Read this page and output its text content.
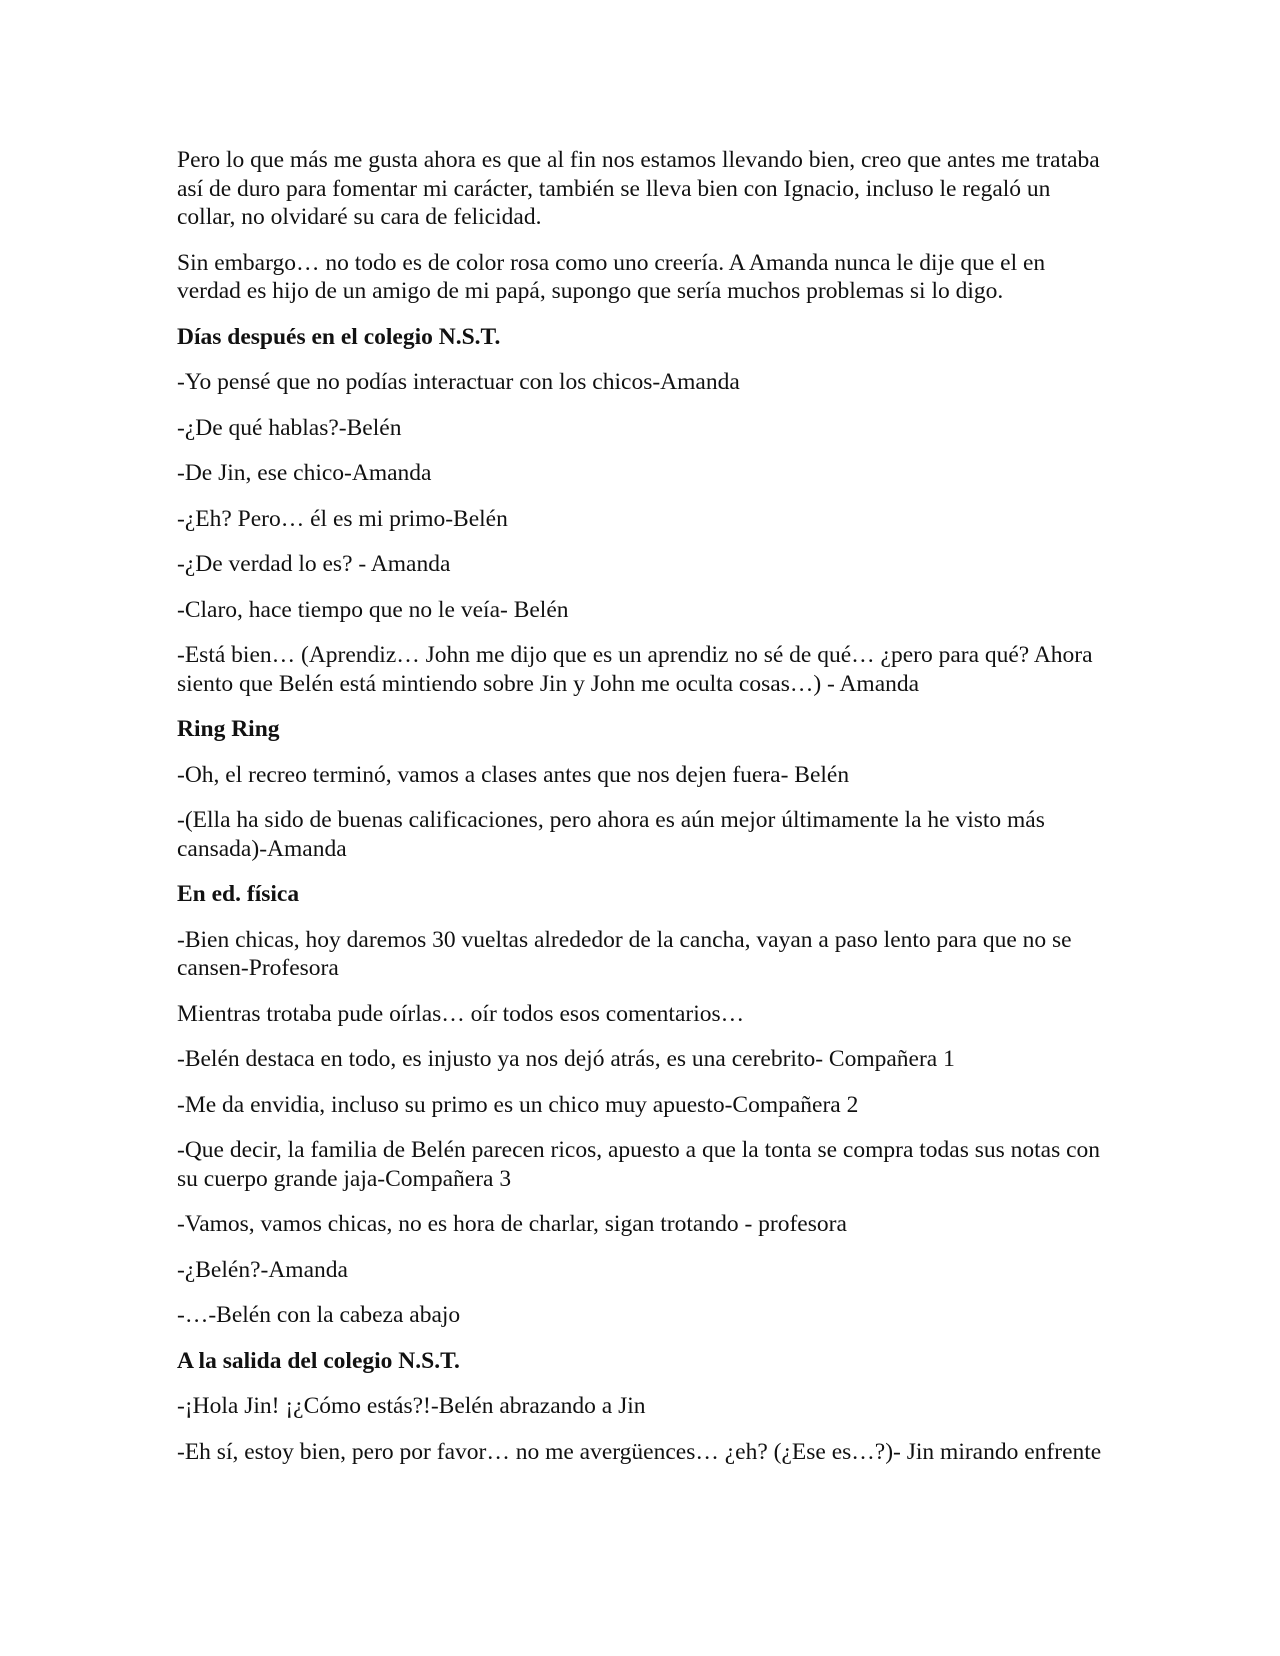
Pero lo que más me gusta ahora es que al fin nos estamos llevando bien, creo que antes me trataba así de duro para fomentar mi carácter, también se lleva bien con Ignacio, incluso le regaló un collar, no olvidaré su cara de felicidad.

Sin embargo… no todo es de color rosa como uno creería. A Amanda nunca le dije que el en verdad es hijo de un amigo de mi papá, supongo que sería muchos problemas si lo digo.

Días después en el colegio N.S.T.

-Yo pensé que no podías interactuar con los chicos-Amanda

-¿De qué hablas?-Belén

-De Jin, ese chico-Amanda

-¿Eh? Pero… él es mi primo-Belén

-¿De verdad lo es? - Amanda

-Claro, hace tiempo que no le veía- Belén

-Está bien… (Aprendiz… John me dijo que es un aprendiz no sé de qué… ¿pero para qué? Ahora siento que Belén está mintiendo sobre Jin y John me oculta cosas…) - Amanda

Ring Ring

-Oh, el recreo terminó, vamos a clases antes que nos dejen fuera- Belén

-(Ella ha sido de buenas calificaciones, pero ahora es aún mejor últimamente la he visto más cansada)-Amanda

En ed. física

-Bien chicas, hoy daremos 30 vueltas alrededor de la cancha, vayan a paso lento para que no se cansen-Profesora

Mientras trotaba pude oírlas… oír todos esos comentarios…

-Belén destaca en todo, es injusto ya nos dejó atrás, es una cerebrito- Compañera 1

-Me da envidia, incluso su primo es un chico muy apuesto-Compañera 2

-Que decir, la familia de Belén parecen ricos, apuesto a que la tonta se compra todas sus notas con su cuerpo grande jaja-Compañera 3

-Vamos, vamos chicas, no es hora de charlar, sigan trotando - profesora

-¿Belén?-Amanda

-…-Belén con la cabeza abajo

A la salida del colegio N.S.T.

-¡Hola Jin! ¡¿Cómo estás?!-Belén abrazando a Jin

-Eh sí, estoy bien, pero por favor… no me avergüences… ¿eh? (¿Ese es…?)- Jin mirando enfrente
